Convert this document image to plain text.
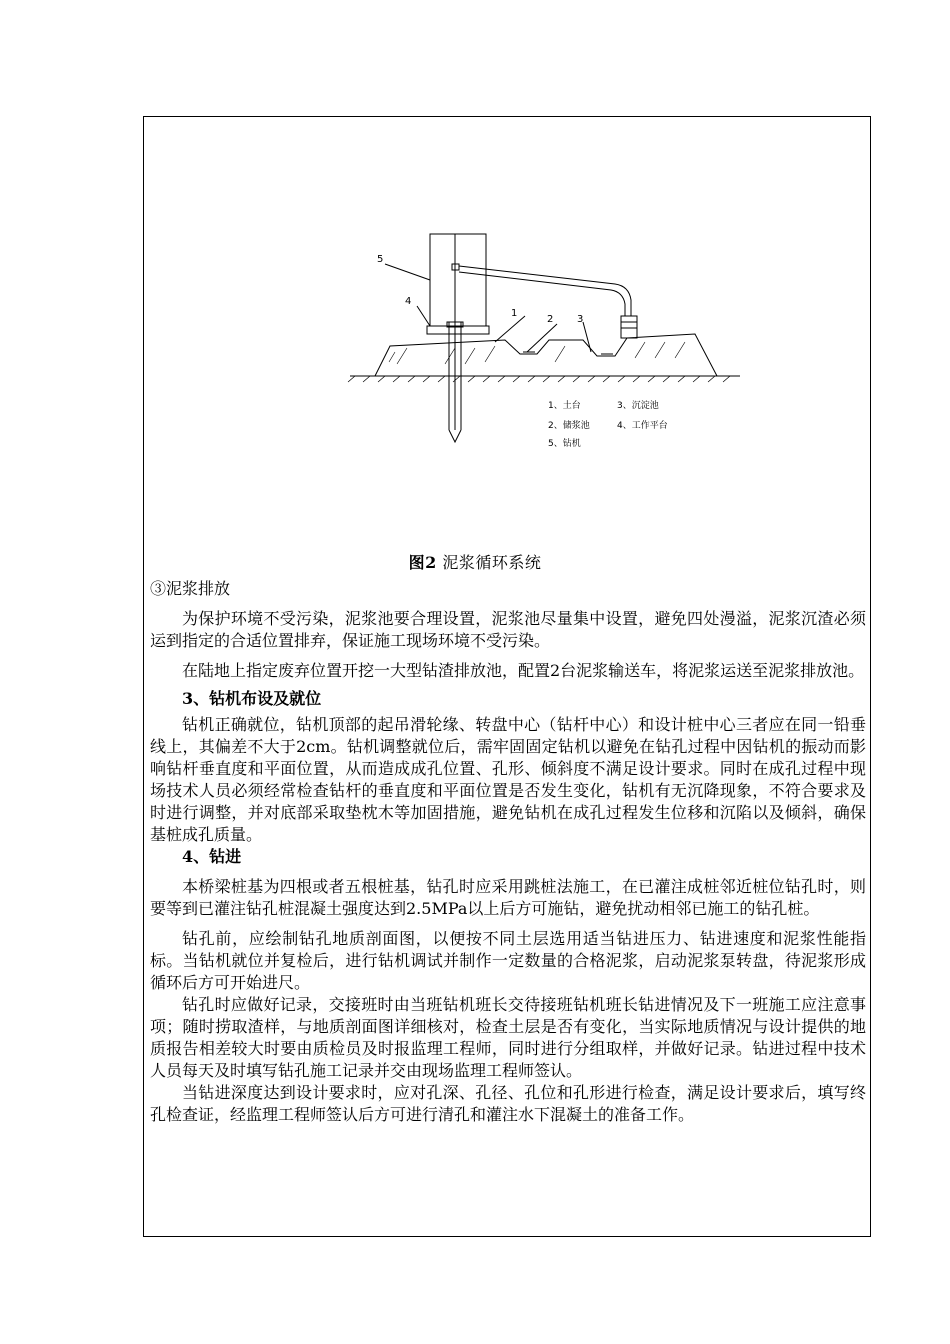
5
4
1
2 3
1、土台	3、沉淀池
2、储浆池	4、工作平台
5、钻机
图2 泥浆循环系统

③泥浆排放

为保护环境不受污染，泥浆池要合理设置，泥浆池尽量集中设置，避免四处漫溢，泥浆沉渣必须运到指定的合适位置排弃，保证施工现场环境不受污染。

在陆地上指定废弃位置开挖一大型钻渣排放池，配置2台泥浆输送车，将泥浆运送至泥浆排放池。

3、钻机布设及就位

钻机正确就位，钻机顶部的起吊滑轮缘、转盘中心（钻杆中心）和设计桩中心三者应在同一铅垂线上，其偏差不大于2cm。钻机调整就位后，需牢固固定钻机以避免在钻孔过程中因钻机的振动而影响钻杆垂直度和平面位置，从而造成成孔位置、孔形、倾斜度不满足设计要求。同时在成孔过程中现场技术人员必须经常检查钻杆的垂直度和平面位置是否发生变化，钻机有无沉降现象，不符合要求及时进行调整，并对底部采取垫枕木等加固措施，避免钻机在成孔过程发生位移和沉陷以及倾斜，确保基桩成孔质量。

4、钻进

本桥梁桩基为四根或者五根桩基，钻孔时应采用跳桩法施工，在已灌注成桩邻近桩位钻孔时，则要等到已灌注钻孔桩混凝土强度达到2.5MPa以上后方可施钻，避免扰动相邻已施工的钻孔桩。

钻孔前，应绘制钻孔地质剖面图，以便按不同土层选用适当钻进压力、钻进速度和泥浆性能指标。当钻机就位并复检后，进行钻机调试并制作一定数量的合格泥浆，启动泥浆泵转盘，待泥浆形成循环后方可开始进尺。

钻孔时应做好记录，交接班时由当班钻机班长交待接班钻机班长钻进情况及下一班施工应注意事项；随时捞取渣样，与地质剖面图详细核对，检查土层是否有变化，当实际地质情况与设计提供的地质报告相差较大时要由质检员及时报监理工程师，同时进行分组取样，并做好记录。钻进过程中技术人员每天及时填写钻孔施工记录并交由现场监理工程师签认。

当钻进深度达到设计要求时，应对孔深、孔径、孔位和孔形进行检查，满足设计要求后，填写终孔检查证，经监理工程师签认后方可进行清孔和灌注水下混凝土的准备工作。
